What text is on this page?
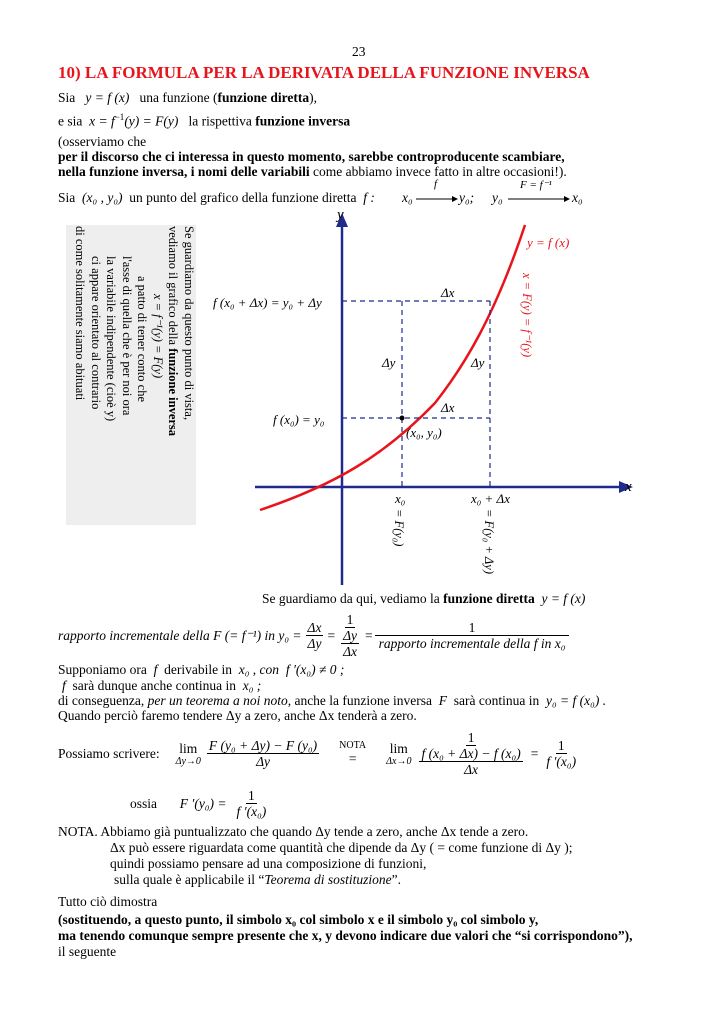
23
10) LA FORMULA PER LA DERIVATA DELLA FUNZIONE INVERSA
Sia y = f (x) una funzione (funzione diretta),
e sia $x = f^{-1}(y) = F(y)$ la rispettiva funzione inversa
(osserviamo che
per il discorso che ci interessa in questo momento, sarebbe controproducente scambiare,
nella funzione inversa, i nomi delle variabili come abbiamo invece fatto in altre occasioni!).
Sia (x₀ , y₀) un punto del grafico della funzione diretta f : x₀
f
y₀; y₀
F = f⁻¹
x₀
Se guardiamo da questo punto di vista,
vediamo il grafico della funzione inversa
x = f⁻¹(y) = F(y)
a patto di tener conto che
l'asse di quella che è per noi ora
la variabile indipendente (cioè y)
ci appare orientato al contrario
di come solitamente siamo abituati
y
x
y = f (x)
x = F(y) = f⁻¹(y)
f (x₀ + Δx) = y₀ + Δy
f (x₀) = y₀
Δx
Δy	Δy
Δx
(x₀, y₀)
x₀	x₀ + Δx
= F(y₀)	= F(y₀ + Δy)
Se guardiamo da qui, vediamo la funzione diretta y = f (x)
rapporto incrementale della F (= f⁻¹) in $y_0 = \frac{\Delta x}{\Delta y} = \frac{1}{\frac{\Delta y}{\Delta x}} = \frac{1}{\text{rapporto incrementale della f in x₀}}$
Supponiamo ora f derivabile in x₀ , con f ′(x₀) ≠ 0 ;
f sarà dunque anche continua in x₀ ;
di conseguenza, per un teorema a noi noto, anche la funzione inversa F sarà continua in y₀ = f (x₀) .
Quando perciò faremo tendere Δy a zero, anche Δx tenderà a zero.
Possiamo scrivere: lim
$\Delta y\to 0 \frac{\text{F (y₀ + Δy) − F (y₀)}}{\Delta y}$ NOTA
=
lim
$\Delta x\to 0 \frac{1}{\frac{\text{f (x₀ + Δx) − f (x₀)}}{\Delta x}} = \frac{1}{\text{f ′(x₀)}}$
ossia
F $'(y_0) = \frac{1}{\text{f ′(x₀)}}$
NOTA. Abbiamo già puntualizzato che quando Δy tende a zero, anche Δx tende a zero.
Δx può essere riguardata come quantità che dipende da Δy ( = come funzione di Δy );
quindi possiamo pensare ad una composizione di funzioni,
sulla quale è applicabile il “Teorema di sostituzione”.
Tutto ciò dimostra
(sostituendo, a questo punto, il simbolo x₀ col simbolo x e il simbolo y₀ col simbolo y,
ma tenendo comunque sempre presente che x, y devono indicare due valori che “si corrispondono”),
il seguente
